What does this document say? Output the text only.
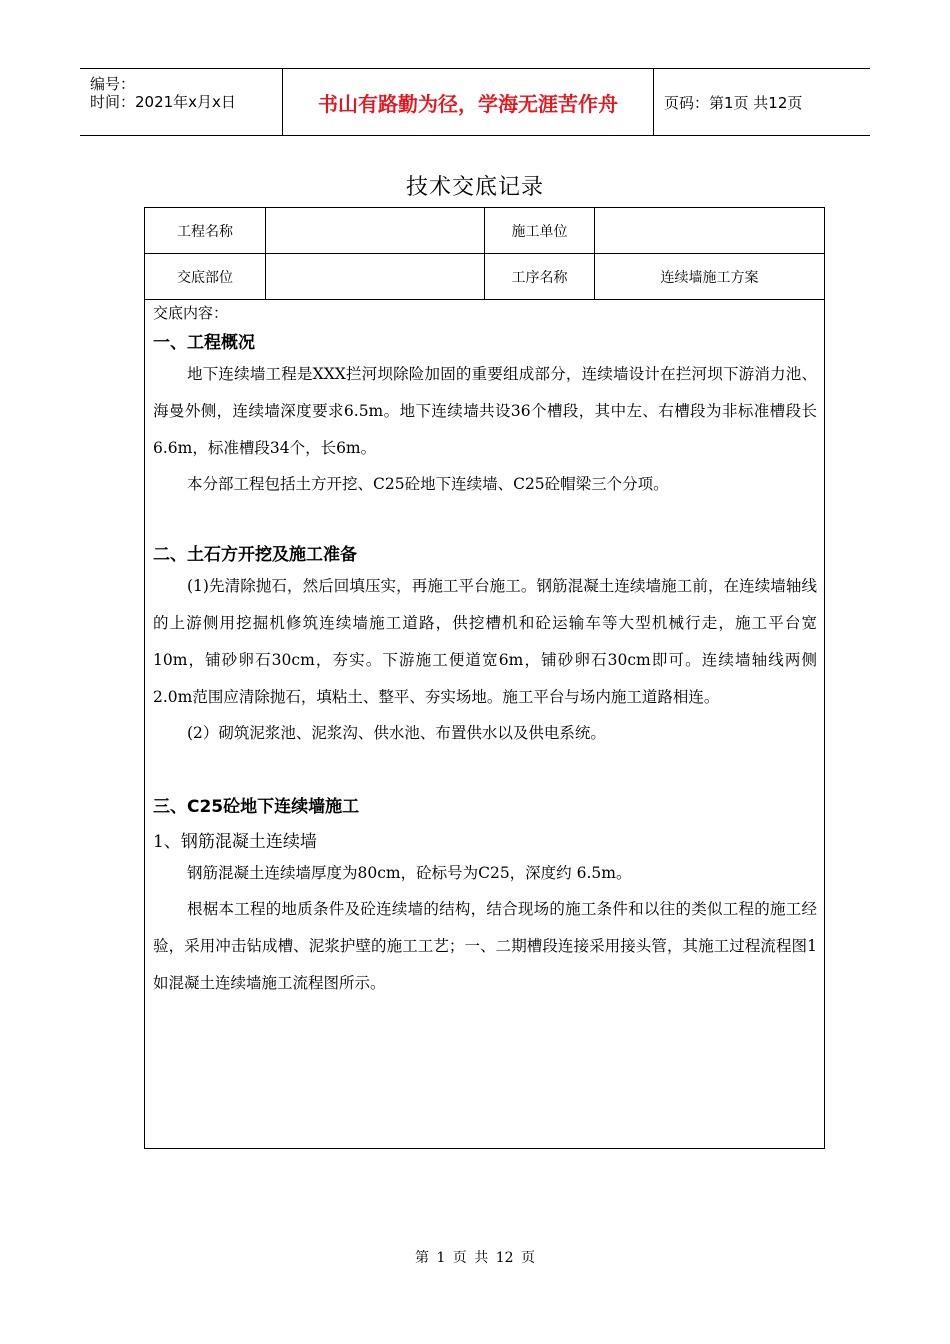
编号：
时间：2021年x月x日	书山有路勤为径，学海无涯苦作舟	页码：第1页 共12页
技术交底记录
工程名称	施工单位
交底部位	工序名称	连续墙施工方案
交底内容：
一、工程概况

地下连续墙工程是XXX拦河坝除险加固的重要组成部分，连续墙设计在拦河坝下游消力池、海曼外侧，连续墙深度要求6.5m。地下连续墙共设36个槽段，其中左、右槽段为非标准槽段长6.6m，标准槽段34个，长6m。

本分部工程包括土方开挖、C25砼地下连续墙、C25砼帽梁三个分项。

二、土石方开挖及施工准备

(1)先清除抛石，然后回填压实，再施工平台施工。钢筋混凝土连续墙施工前，在连续墙轴线的上游侧用挖掘机修筑连续墙施工道路，供挖槽机和砼运输车等大型机械行走，施工平台宽10m，铺砂卵石30cm，夯实。下游施工便道宽6m，铺砂卵石30cm即可。连续墙轴线两侧2.0m范围应清除抛石，填粘土、整平、夯实场地。施工平台与场内施工道路相连。

(2）砌筑泥浆池、泥浆沟、供水池、布置供水以及供电系统。

三、C25砼地下连续墙施工
1、钢筋混凝土连续墙

钢筋混凝土连续墙厚度为80cm，砼标号为C25，深度约 6.5m。

根椐本工程的地质条件及砼连续墙的结构，结合现场的施工条件和以往的类似工程的施工经验，采用冲击钻成槽、泥浆护壁的施工工艺；一、二期槽段连接采用接头管，其施工过程流程图1如混凝土连续墙施工流程图所示。

第 1 页 共 12 页
